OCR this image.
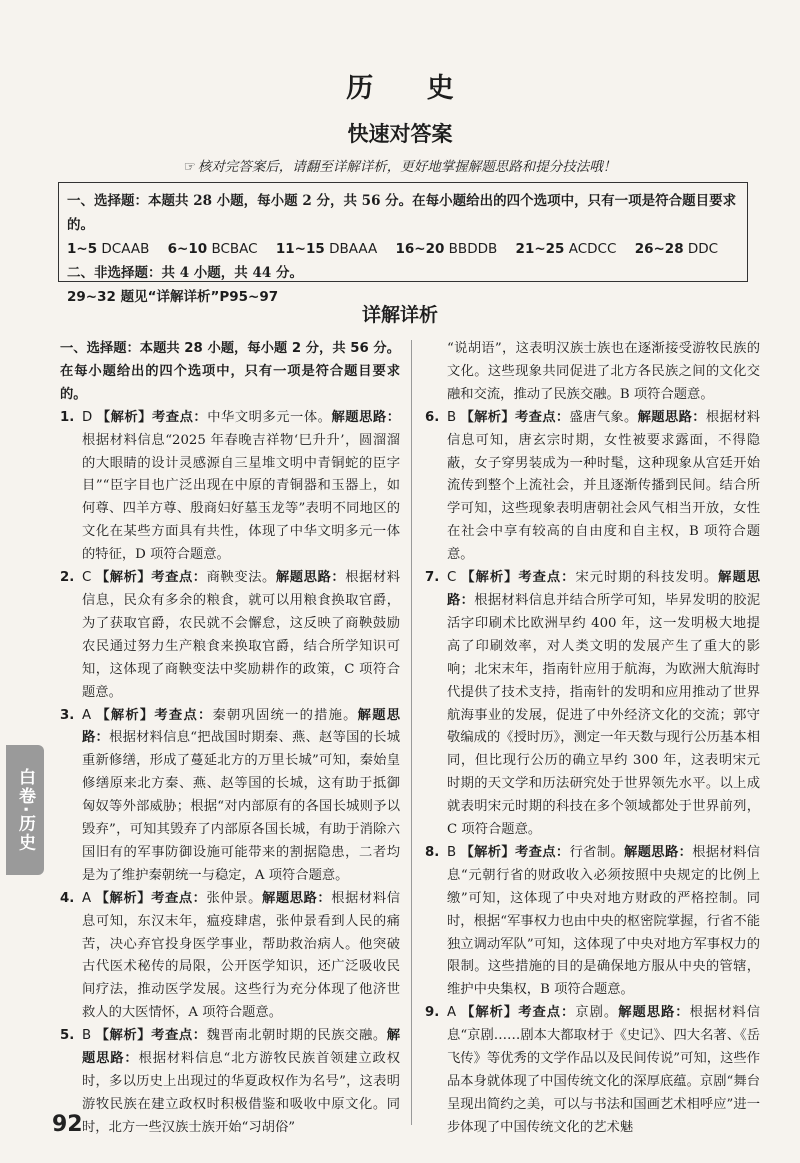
历 史
快速对答案
☞ 核对完答案后，请翻至详解详析，更好地掌握解题思路和提分技法哦！
一、选择题：本题共 28 小题，每小题 2 分，共 56 分。在每小题给出的四个选项中，只有一项是符合题目要求的。
1~5 DCAAB 6~10 BCBAC 11~15 DBAAA 16~20 BBDDB 21~25 ACDCC 26~28 DDC
二、非选择题：共 4 小题，共 44 分。
29~32 题见“详解详析”P95~97
详解详析
一、选择题：本题共 28 小题，每小题 2 分，共 56 分。在每小题给出的四个选项中，只有一项是符合题目要求的。
1. D 【解析】考查点：中华文明多元一体。解题思路：根据材料信息“2025 年春晚吉祥物‘巳升升’，圆溜溜的大眼睛的设计灵感源自三星堆文明中青铜蛇的臣字目”“臣字目也广泛出现在中原的青铜器和玉器上，如何尊、四羊方尊、殷商妇好墓玉龙等”表明不同地区的文化在某些方面具有共性，体现了中华文明多元一体的特征，D 项符合题意。
2. C 【解析】考查点：商鞅变法。解题思路：根据材料信息，民众有多余的粮食，就可以用粮食换取官爵，为了获取官爵，农民就不会懈怠，这反映了商鞅鼓励农民通过努力生产粮食来换取官爵，结合所学知识可知，这体现了商鞅变法中奖励耕作的政策，C 项符合题意。
3. A 【解析】考查点：秦朝巩固统一的措施。解题思路：根据材料信息“把战国时期秦、燕、赵等国的长城重新修缮，形成了蔓延北方的万里长城”可知，秦始皇修缮原来北方秦、燕、赵等国的长城，这有助于抵御匈奴等外部威胁；根据“对内部原有的各国长城则予以毁弃”，可知其毁弃了内部原各国长城，有助于消除六国旧有的军事防御设施可能带来的割据隐患，二者均是为了维护秦朝统一与稳定，A 项符合题意。
4. A 【解析】考查点：张仲景。解题思路：根据材料信息可知，东汉末年，瘟疫肆虐，张仲景看到人民的痛苦，决心弃官投身医学事业，帮助救治病人。他突破古代医术秘传的局限，公开医学知识，还广泛吸收民间疗法，推动医学发展。这些行为充分体现了他济世救人的大医情怀，A 项符合题意。
5. B 【解析】考查点：魏晋南北朝时期的民族交融。解题思路：根据材料信息“北方游牧民族首领建立政权时，多以历史上出现过的华夏政权作为名号”，这表明游牧民族在建立政权时积极借鉴和吸收中原文化。同时，北方一些汉族士族开始“习胡俗”
“说胡语”，这表明汉族士族也在逐渐接受游牧民族的文化。这些现象共同促进了北方各民族之间的文化交融和交流，推动了民族交融。B 项符合题意。
6. B 【解析】考查点：盛唐气象。解题思路：根据材料信息可知，唐玄宗时期，女性被要求露面，不得隐蔽，女子穿男装成为一种时髦，这种现象从宫廷开始流传到整个上流社会，并且逐渐传播到民间。结合所学可知，这些现象表明唐朝社会风气相当开放，女性在社会中享有较高的自由度和自主权，B 项符合题意。
7. C 【解析】考查点：宋元时期的科技发明。解题思路：根据材料信息并结合所学可知，毕昇发明的胶泥活字印刷术比欧洲早约 400 年，这一发明极大地提高了印刷效率，对人类文明的发展产生了重大的影响；北宋末年，指南针应用于航海，为欧洲大航海时代提供了技术支持，指南针的发明和应用推动了世界航海事业的发展，促进了中外经济文化的交流；郭守敬编成的《授时历》，测定一年天数与现行公历基本相同，但比现行公历的确立早约 300 年，这表明宋元时期的天文学和历法研究处于世界领先水平。以上成就表明宋元时期的科技在多个领域都处于世界前列，C 项符合题意。
8. B 【解析】考查点：行省制。解题思路：根据材料信息“元朝行省的财政收入必须按照中央规定的比例上缴”可知，这体现了中央对地方财政的严格控制。同时，根据“军事权力也由中央的枢密院掌握，行省不能独立调动军队”可知，这体现了中央对地方军事权力的限制。这些措施的目的是确保地方服从中央的管辖，维护中央集权，B 项符合题意。
9. A 【解析】考查点：京剧。解题思路：根据材料信息“京剧……剧本大都取材于《史记》、四大名著、《岳飞传》等优秀的文学作品以及民间传说”可知，这些作品本身就体现了中国传统文化的深厚底蕴。京剧“舞台呈现出简约之美，可以与书法和国画艺术相呼应”进一步体现了中国传统文化的艺术魅
白卷·历史
92
